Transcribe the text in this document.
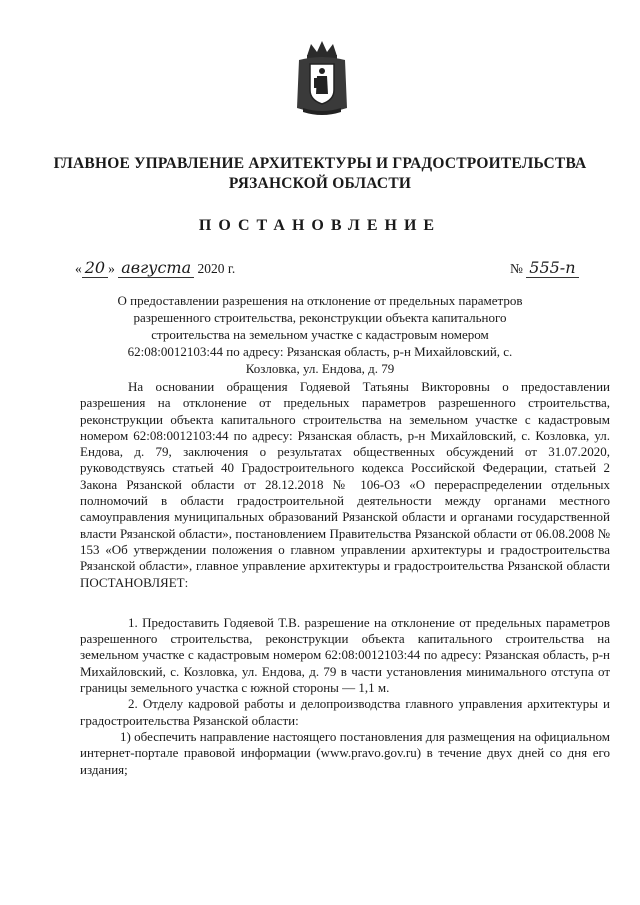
ГЛАВНОЕ УПРАВЛЕНИЕ АРХИТЕКТУРЫ И ГРАДОСТРОИТЕЛЬСТВА
РЯЗАНСКОЙ ОБЛАСТИ
ПОСТАНОВЛЕНИЕ
« 20 » августа 2020 г.	№ 555-п
О предоставлении разрешения на отклонение от предельных параметров разрешенного строительства, реконструкции объекта капитального строительства на земельном участке с кадастровым номером 62:08:0012103:44 по адресу: Рязанская область, р-н Михайловский, с. Козловка, ул. Ендова, д. 79

На основании обращения Годяевой Татьяны Викторовны о предоставлении разрешения на отклонение от предельных параметров разрешенного строительства, реконструкции объекта капитального строительства на земельном участке с кадастровым номером 62:08:0012103:44 по адресу: Рязанская область, р-н Михайловский, с. Козловка, ул. Ендова, д. 79, заключения о результатах общественных обсуждений от 31.07.2020, руководствуясь статьей 40 Градостроительного кодекса Российской Федерации, статьей 2 Закона Рязанской области от 28.12.2018 № 106-ОЗ «О перераспределении отдельных полномочий в области градостроительной деятельности между органами местного самоуправления муниципальных образований Рязанской области и органами государственной власти Рязанской области», постановлением Правительства Рязанской области от 06.08.2008 № 153 «Об утверждении положения о главном управлении архитектуры и градостроительства Рязанской области», главное управление архитектуры и градостроительства Рязанской области ПОСТАНОВЛЯЕТ:

1. Предоставить Годяевой Т.В. разрешение на отклонение от предельных параметров разрешенного строительства, реконструкции объекта капитального строительства на земельном участке с кадастровым номером 62:08:0012103:44 по адресу: Рязанская область, р-н Михайловский, с. Козловка, ул. Ендова, д. 79 в части установления минимального отступа от границы земельного участка с южной стороны — 1,1 м.

2. Отделу кадровой работы и делопроизводства главного управления архитектуры и градостроительства Рязанской области:

1) обеспечить направление настоящего постановления для размещения на официальном интернет-портале правовой информации (www.pravo.gov.ru) в течение двух дней со дня его издания;
